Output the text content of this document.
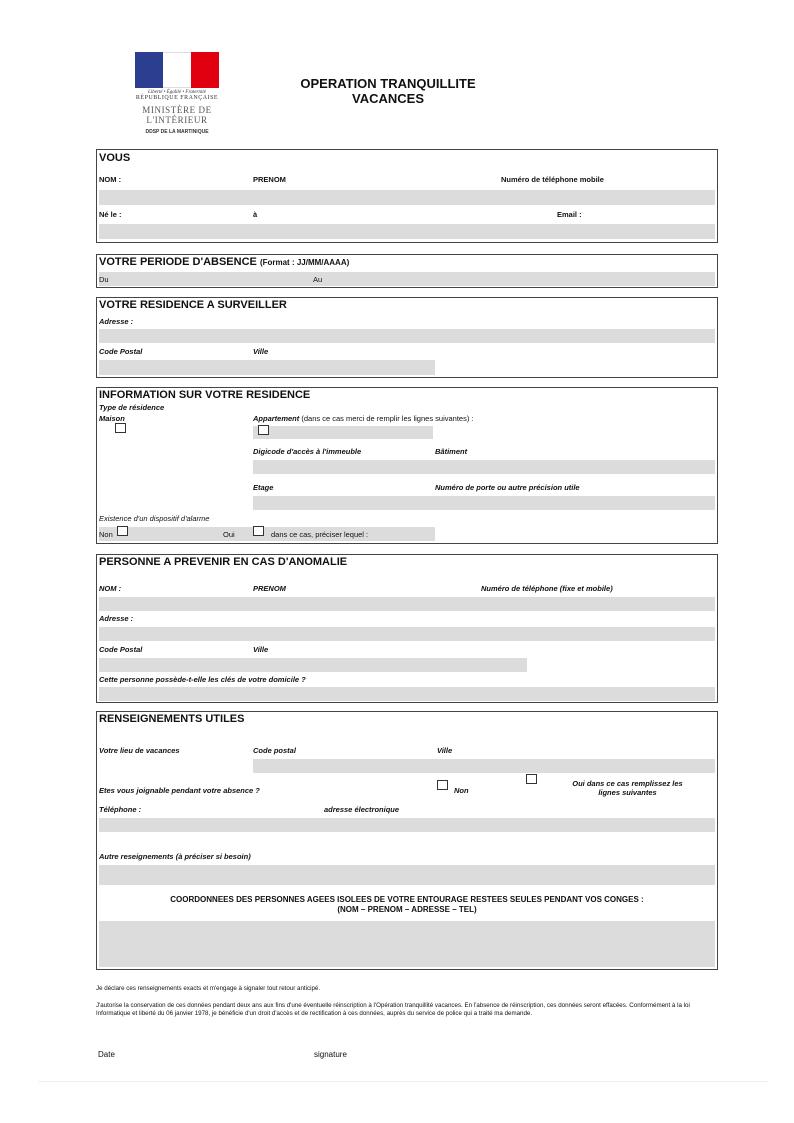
Liberté • Égalité • Fraternité
RÉPUBLIQUE FRANÇAISE
MINISTÈRE DE L'INTÉRIEUR
DDSP DE LA MARTINIQUE
OPERATION TRANQUILLITE
VACANCES
VOUS
NOM :	PRENOM	Numéro de téléphone mobile
Né le :	à	Email :
VOTRE PERIODE D'ABSENCE (Format : JJ/MM/AAAA)
Du	Au
VOTRE RESIDENCE A SURVEILLER
Adresse :
Code Postal	Ville
INFORMATION SUR VOTRE RESIDENCE
Type de résidence
Maison	Appartement (dans ce cas merci de remplir les lignes suivantes) :
Digicode d'accès à l'immeuble	Bâtiment
Etage	Numéro de porte ou autre précision utile
Existence d'un dispositif d'alarme
Non	Oui	dans ce cas, préciser lequel :
PERSONNE A PREVENIR EN CAS D'ANOMALIE
NOM :	PRENOM	Numéro de téléphone (fixe et mobile)
Adresse :
Code Postal	Ville
Cette personne possède-t-elle les clés de votre domicile ?
RENSEIGNEMENTS UTILES
Votre lieu de vacances	Code postal	Ville
Etes vous joignable pendant votre absence ?	Non
Oui dans ce cas remplissez les
lignes suivantes
Téléphone :	adresse électronique
Autre reseignements (à préciser si besoin)
COORDONNEES DES PERSONNES AGEES ISOLEES DE VOTRE ENTOURAGE RESTEES SEULES PENDANT VOS CONGES :
(NOM – PRENOM – ADRESSE – TEL)
Je déclare ces renseignements exacts et m'engage à signaler tout retour anticipé.
J'autorise la conservation de ces données pendant deux ans aux fins d'une éventuelle réinscription à l'Opération tranquillité vacances. En l'absence de réinscription, ces données seront effacées. Conformément à la loi Informatique et liberté du 06 janvier 1978, je bénéficie d'un droit d'accès et de rectification à ces données, auprès du service de police qui a traité ma demande.
Date	signature
